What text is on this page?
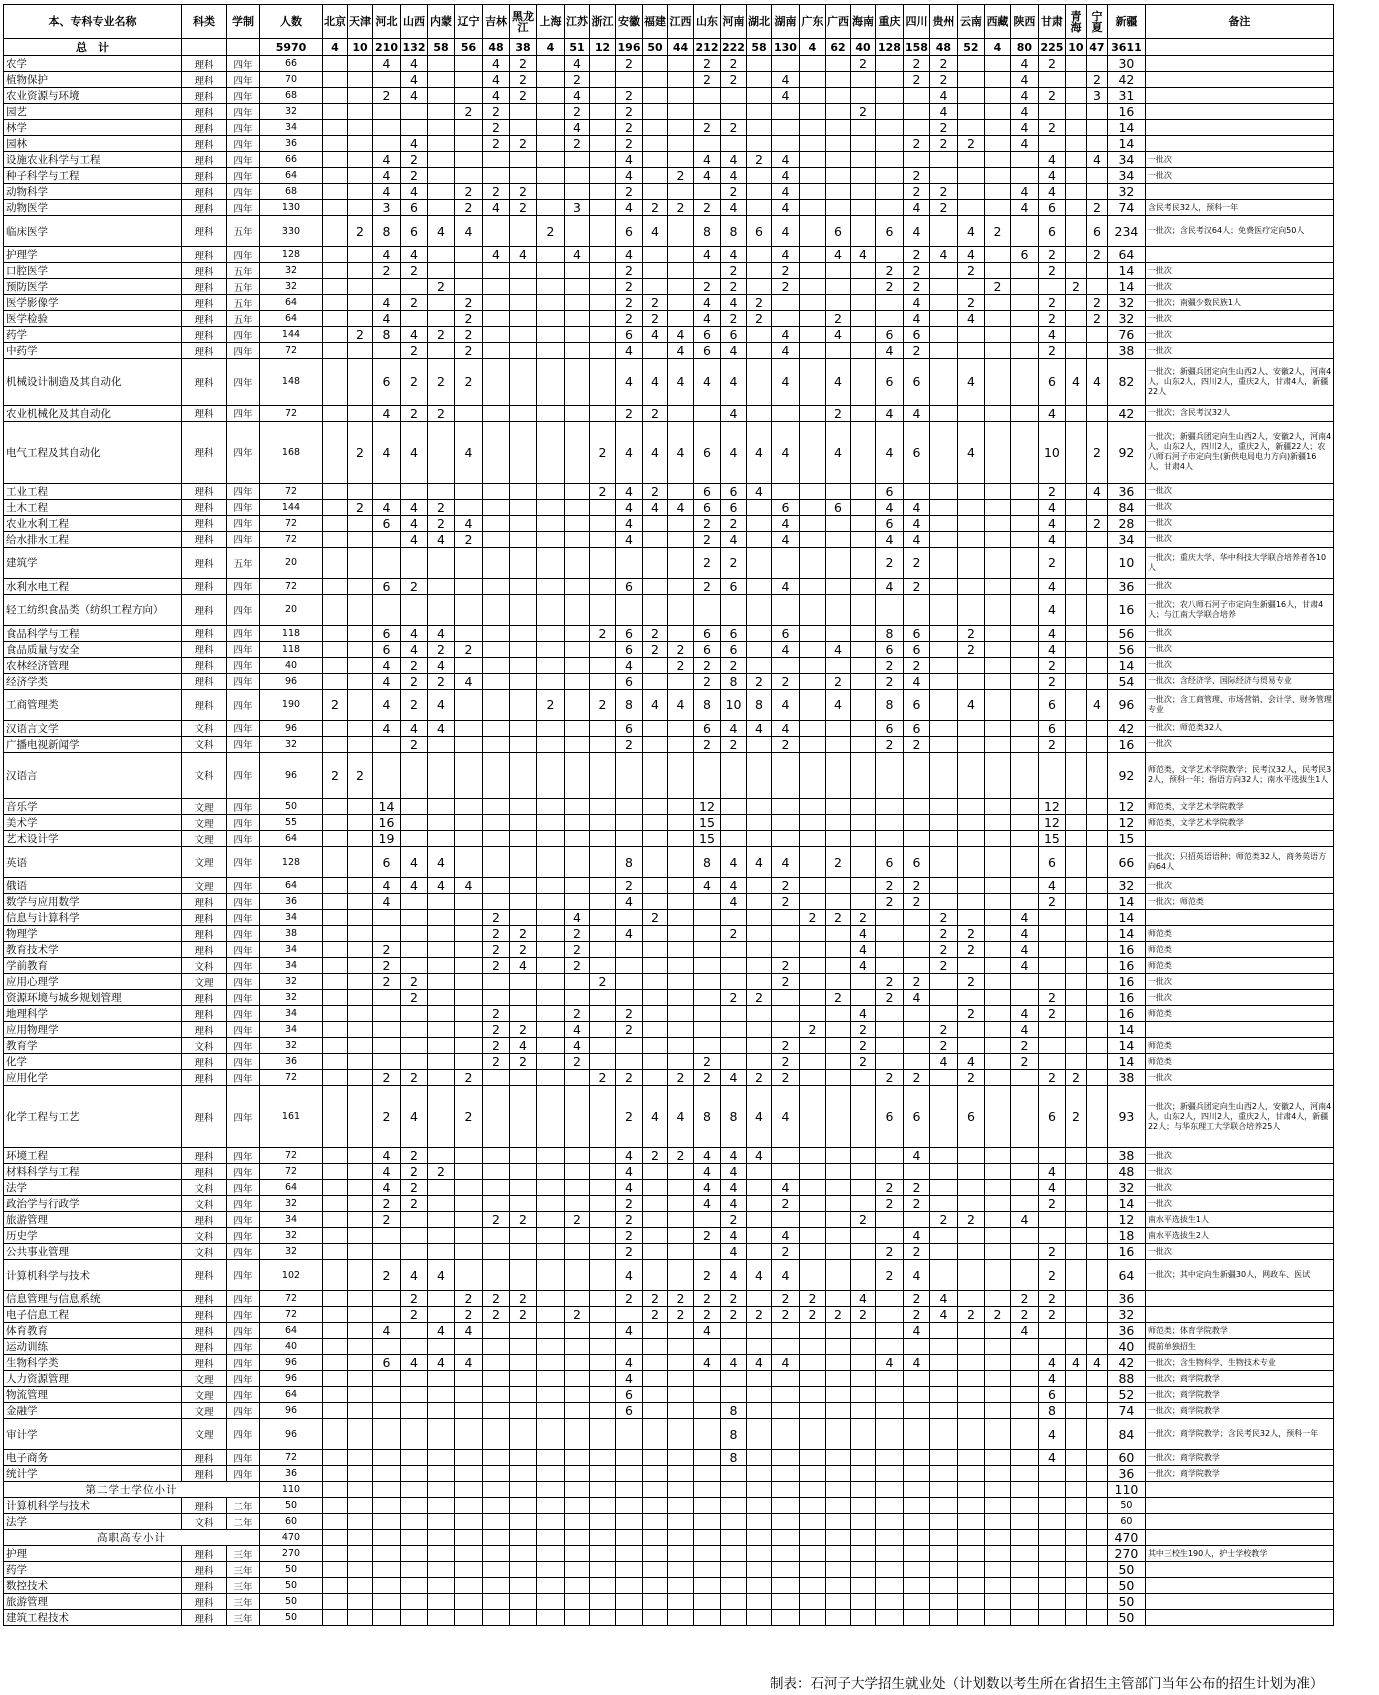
本、专科专业名称	科类	学制	人数	北京	天津	河北	山西	内蒙	辽宁	吉林	黑龙江	上海	江苏	浙江	安徽	福建	江西	山东	河南	湖北	湖南	广东	广西	海南	重庆	四川	贵州	云南	西藏	陕西	甘肃	青海	宁夏	新疆	备注
总　计			5970	4	10	210	132	58	56	48	38	4	51	12	196	50	44	212	222	58	130	4	62	40	128	158	48	52	4	80	225	10	47	3611	
农学	理科	四年	66			4	4			4	2		4		2			2	2					2		2	2			4	2			30	
植物保护	理科	四年	70				4			4	2		2					2	2		4					2	2			4			2	42	
农业资源与环境	理科	四年	68			2	4			4	2		4		2						4						4			4	2		3	31	
园艺	理科	四年	32						2	2			2		2									2			4			4				16	
林学	理科	四年	34							2			4		2			2	2								2			4	2			14	
园林	理科	四年	36				4			2	2		2		2											2	2	2		4				14	
设施农业科学与工程	理科	四年	66			4	2								4			4	4	2	4										4		4	34	一批次
种子科学与工程	理科	四年	64			4	2								4		2	4	4		4					2					4			34	一批次
动物科学	理科	四年	68			4	4		2	2	2				2				2		4					2	2			4	4			32	
动物医学	理科	四年	130			3	6		2	4	2		3		4	2	2	2	4		4					4	2			4	6		2	74	含民考民32人，预科一年
临床医学	理科	五年	330		2	8	6	4	4			2			6	4		8	8	6	4		6		6	4		4	2		6		6	234	一批次；含民考汉64人；免费医疗定向50人
护理学	理科	四年	128			4	4			4	4		4		4			4	4		4		4	4		2	4	4		6	2		2	64	
口腔医学	理科	五年	32			2	2								2				2		2				2	2		2			2			14	一批次
预防医学	理科	五年	32					2							2			2	2		2				2	2			2			2		14	一批次
医学影像学	理科	五年	64			4	2		2						2	2		4	4	2						4		2			2		2	32	一批次；南疆少数民族1人
医学检验	理科	五年	64			4			2						2	2		4	2	2			2			4		4			2		2	32	一批次
药学	理科	四年	144		2	8	4	2	2						6	4	4	6	6		4		4		6	6					4			76	一批次
中药学	理科	四年	72				2		2						4		4	6	4		4				4	2					2			38	一批次
机械设计制造及其自动化	理科	四年	148			6	2	2	2						4	4	4	4	4		4		4		6	6		4			6	4	4	82	一批次；新疆兵团定向生山西2人、安徽2人，河南4人，山东2人，四川2人，重庆2人，甘肃4人，新疆22人
农业机械化及其自动化	理科	四年	72			4	2	2							2	2			4				2		4	4					4			42	一批次；含民考汉32人
电气工程及其自动化	理科	四年	168		2	4	4		4					2	4	4	4	6	4	4	4		4		4	6		4			10		2	92	一批次；新疆兵团定向生山西2人，安徽2人，河南4人，山东2人，四川2人，重庆2人，新疆22人；农八师石河子市定向生(新供电局电力方向)新疆16人，甘肃4人
工业工程	理科	四年	72											2	4	2		6	6	4					6						2		4	36	一批次
土木工程	理科	四年	144		2	4	4	2							4	4	4	6	6		6		6		4	4					4			84	一批次
农业水利工程	理科	四年	72			6	4	2	4						4			2	2		4				6	4					4		2	28	一批次
给水排水工程	理科	四年	72				4	4	2						4			2	4		4				4	4					4			34	一批次
建筑学	理科	五年	20															2	2						2	2					2			10	一批次；重庆大学、华中科技大学联合培养者各10人
水利水电工程	理科	四年	72			6	2								6			2	6		4				4	2					4			36	一批次
轻工纺织食品类（纺织工程方向）	理科	四年	20																												4			16	一批次；农八师石河子市定向生新疆16人，甘肃4人；与江南大学联合培养
食品科学与工程	理科	四年	118			6	4	4						2	6	2		6	6		6				8	6		2			4			56	一批次
食品质量与安全	理科	四年	118			6	4	2	2						6	2	2	6	6		4		4		6	6		2			4			56	一批次
农林经济管理	理科	四年	40			4	2	4							4		2	2	2						2	2					2			14	一批次
经济学类	理科	四年	96			4	2	2	4						6			2	8	2	2		2		2	4					2			54	一批次；含经济学、国际经济与贸易专业
工商管理类	理科	四年	190	2		4	2	4				2		2	8	4	4	8	10	8	4		4		8	6		4			6		4	96	一批次；含工商管理、市场营销、会计学、财务管理专业
汉语言文学	文科	四年	96			4	4	4							6			6	4	4	4				6	6					6			42	一批次；师范类32人
广播电视新闻学	文科	四年	32				2								2			2	2		2				2	2					2			16	一批次
汉语言	文科	四年	96	2	2																													92	师范类，文学艺术学院教学；民考汉32人，民考民32人，预科一年；指语方向32人；南水平选拔生1人
音乐学	文理	四年	50			14												12													12			12	师范类，文学艺术学院教学
美术学	文理	四年	55			16												15													12			12	师范类，文学艺术学院教学
艺术设计学	文理	四年	64			19												15													15			15	
英语	文理	四年	128			6	4	4							8			8	4	4	4		2		6	6					6			66	一批次；只招英语语种；师范类32人，商务英语方向64人
俄语	文理	四年	64			4	4	4	4						2			4	4		2				2	2					4			32	一批次
数学与应用数学	理科	四年	36			4									4				4		2				2	2					2			14	一批次；师范类
信息与计算科学	理科	四年	34							2			4			2						2	2	2			2			4				14	
物理学	理科	四年	38							2	2		2		4				2					4			2	2		4				14	师范类
教育技术学	理科	四年	34			2				2	2		2											4			2	2		4				16	师范类
学前教育	文科	四年	34			2				2	4		2								2			4			2			4				16	师范类
应用心理学	文理	四年	32			2	2							2							2				2	2		2						16	一批次
资源环境与城乡规划管理	理科	四年	32				2												2	2			2		2	4					2			16	一批次
地理科学	理科	四年	34							2			2		2									4				2		4	2			16	师范类
应用物理学	理科	四年	34							2	2		4		2							2		2			2			4				14	
教育学	文科	四年	32							2	4		4								2			2			2			2				14	师范类
化学	理科	四年	36							2	2		2					2			2			2			4	4		2				14	师范类
应用化学	理科	四年	72			2	2		2					2	2		2	2	4	2	2				2	2		2			2	2		38	一批次
化学工程与工艺	理科	四年	161			2	4		2						2	4	4	8	8	4	4				6	6		6			6	2		93	一批次；新疆兵团定向生山西2人，安徽2人，河南4人，山东2人，四川2人，重庆2人，甘肃4人，新疆22人；与华东理工大学联合培养25人
环境工程	理科	四年	72			4	2								4	2	2	4	4	4						4								38	一批次
材料科学与工程	理科	四年	72			4	2	2							4			4	4												4			48	一批次
法学	文科	四年	64			4	2								4			4	4		4				2	2					4			32	一批次
政治学与行政学	文科	四年	32			2	2								2			4	4		2				2	2					2			14	一批次
旅游管理	理科	四年	34			2				2	2		2		2				2					2			2	2		4				12	南水平选拔生1人
历史学	文科	四年	32												2			2	4		4					4								18	南水平选拔生2人
公共事业管理	文科	四年	32												2				4		2				2	2					2			16	一批次
计算机科学与技术	理科	四年	102			2	4	4							4			2	4	4	4				2	4					2			64	一批次；其中定向生新疆30人，网政车、医试
信息管理与信息系统	理科	四年	72				2		2	2	2				2	2	2	2	2		2	2		4		2	4			2	2			36	
电子信息工程	理科	四年	72				2		2	2	2		2			2	2	2	2	2	2	2	2	2		2	4	2	2	2	2			32	
体育教育	理科	四年	64			4		4	4						4			4								4				4				36	师范类；体育学院教学
运动训练	理科	四年	40																															40	提前单独招生
生物科学类	理科	四年	96			6	4	4	4						4			4	4	4	4				4	4					4	4	4	42	一批次；含生物科学、生物技术专业
人力资源管理	文理	四年	96												4																4			88	一批次；商学院教学
物流管理	文理	四年	64												6																6			52	一批次；商学院教学
金融学	文理	四年	96												6				8												8			74	一批次；商学院教学
审计学	文理	四年	96																8												4			84	一批次；商学院教学；含民考民32人，预科一年
电子商务	理科	四年	72																8												4			60	一批次；商学院教学
统计学	理科	四年	36																															36	一批次；商学院教学
第二学士学位小计			110																															110	
计算机科学与技术	理科	二年	50																															50	
法学	文科	二年	60																															60	
高职高专小计			470																															470	
护理	理科	三年	270																															270	其中三校生190人，护士学校教学
药学	理科	三年	50																															50	
数控技术	理科	三年	50																															50	
旅游管理	理科	三年	50																															50	
建筑工程技术	理科	三年	50																															50	
制表：石河子大学招生就业处（计划数以考生所在省招生主管部门当年公布的招生计划为准）
